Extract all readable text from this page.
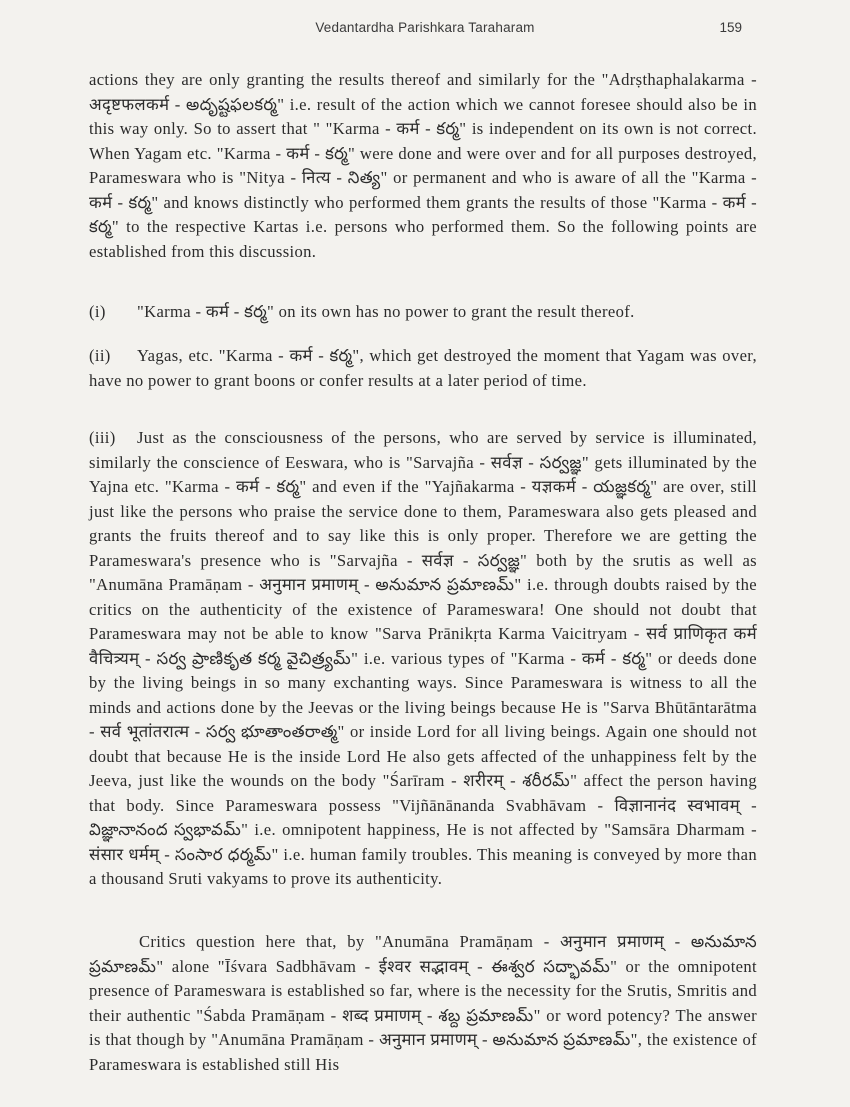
Vedantardha Parishkara Taraharam	159

actions they are only granting the results thereof and similarly for the "Adrṣthaphalakarma - अदृष्टफलकर्म - అదృష్టఫలకర్మ" i.e. result of the action which we cannot foresee should also be in this way only. So to assert that " "Karma - कर्म - కర్మ" is independent on its own is not correct. When Yagam etc. "Karma - कर्म - కర్మ" were done and were over and for all purposes destroyed, Parameswara who is "Nitya - नित्य - నిత్య" or permanent and who is aware of all the "Karma - कर्म - కర్మ" and knows distinctly who performed them grants the results of those "Karma - कर्म - కర్మ" to the respective Kartas i.e. persons who performed them. So the following points are established from this discussion.

(i) "Karma - कर्म - కర్మ" on its own has no power to grant the result thereof.

(ii) Yagas, etc. "Karma - कर्म - కర్మ", which get destroyed the moment that Yagam was over, have no power to grant boons or confer results at a later period of time.

(iii) Just as the consciousness of the persons, who are served by service is illuminated, similarly the conscience of Eeswara, who is "Sarvajña - सर्वज्ञ - సర్వజ్ఞ" gets illuminated by the Yajna etc. "Karma - कर्म - కర్మ" and even if the "Yajñakarma - यज्ञकर्म - యజ్ఞకర్మ" are over, still just like the persons who praise the service done to them, Parameswara also gets pleased and grants the fruits thereof and to say like this is only proper. Therefore we are getting the Parameswara's presence who is "Sarvajña - सर्वज्ञ - సర్వజ్ఞ" both by the srutis as well as "Anumāna Pramāṇam - अनुमान प्रमाणम् - అనుమాన ప్రమాణమ్" i.e. through doubts raised by the critics on the authenticity of the existence of Parameswara! One should not doubt that Parameswara may not be able to know "Sarva Prānikṛta Karma Vaicitryam - सर्व प्राणिकृत कर्म वैचित्र्यम् - సర్వ ప్రాణికృత కర్మ వైచిత్ర్యమ్" i.e. various types of "Karma - कर्म - కర్మ" or deeds done by the living beings in so many exchanting ways. Since Parameswara is witness to all the minds and actions done by the Jeevas or the living beings because He is "Sarva Bhūtāntarātma - सर्व भूतांतरात्म - సర్వ భూతాంతరాత్మ" or inside Lord for all living beings. Again one should not doubt that because He is the inside Lord He also gets affected of the unhappiness felt by the Jeeva, just like the wounds on the body "Śarīram - शरीरम् - శరీరమ్" affect the person having that body. Since Parameswara possess "Vijñānānanda Svabhāvam - विज्ञानानंद स्वभावम् - విజ్ఞానానంద స్వభావమ్" i.e. omnipotent happiness, He is not affected by "Samsāra Dharmam - संसार धर्मम् - సంసార ధర్మమ్" i.e. human family troubles. This meaning is conveyed by more than a thousand Sruti vakyams to prove its authenticity.

Critics question here that, by "Anumāna Pramāṇam - अनुमान प्रमाणम् - అనుమాన ప్రమాణమ్" alone "Īśvara Sadbhāvam - ईश्वर सद्भावम् - ఈశ్వర సద్భావమ్" or the omnipotent presence of Parameswara is established so far, where is the necessity for the Srutis, Smritis and their authentic "Śabda Pramāṇam - शब्द प्रमाणम् - శబ్ద ప్రమాణమ్" or word potency? The answer is that though by "Anumāna Pramāṇam - अनुमान प्रमाणम् - అనుమాన ప్రమాణమ్", the existence of Parameswara is established still His
